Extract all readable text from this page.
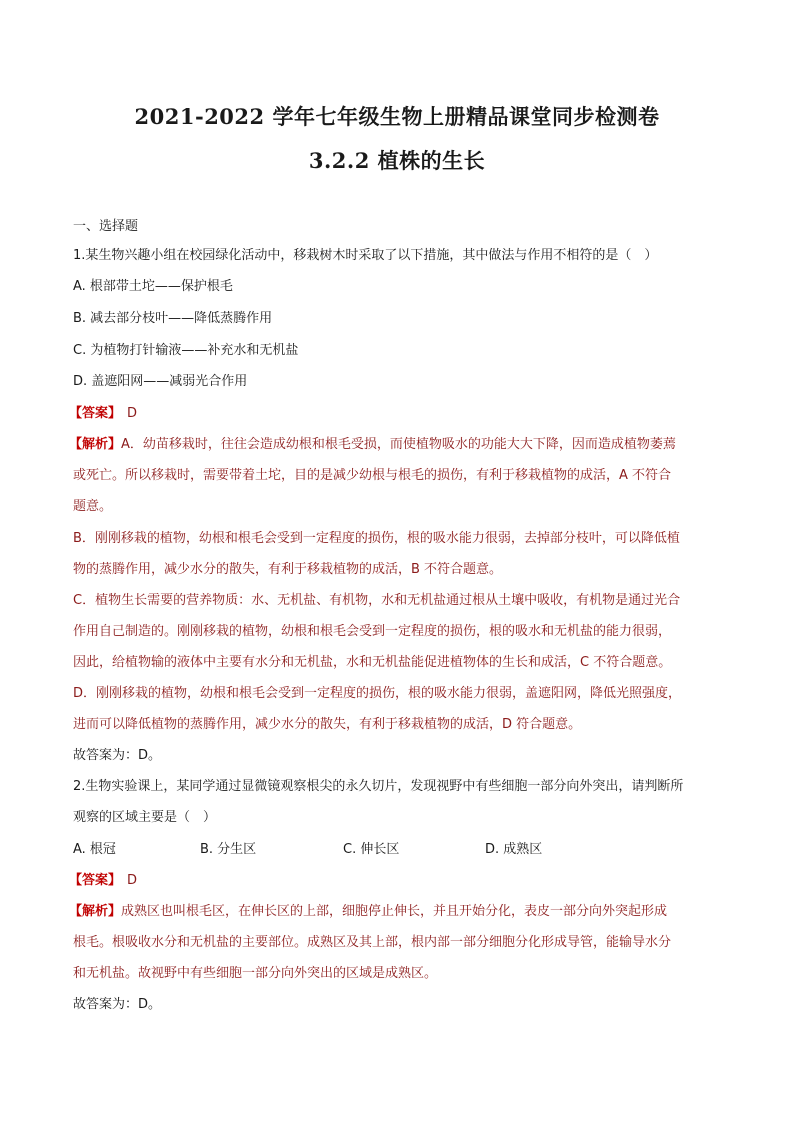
2021-2022 学年七年级生物上册精品课堂同步检测卷
3.2.2 植株的生长
一、选择题
1.某生物兴趣小组在校园绿化活动中，移栽树木时采取了以下措施，其中做法与作用不相符的是（　）
A. 根部带土坨——保护根毛
B. 减去部分枝叶——降低蒸腾作用
C. 为植物打针输液——补充水和无机盐
D. 盖遮阳网——减弱光合作用
【答案】 D
【解析】A．幼苗移栽时，往往会造成幼根和根毛受损，而使植物吸水的功能大大下降，因而造成植物萎蔫
或死亡。所以移栽时，需要带着土坨，目的是减少幼根与根毛的损伤，有利于移栽植物的成活，A 不符合
题意。
B．刚刚移栽的植物，幼根和根毛会受到一定程度的损伤，根的吸水能力很弱，去掉部分枝叶，可以降低植
物的蒸腾作用，减少水分的散失，有利于移栽植物的成活，B 不符合题意。
C．植物生长需要的营养物质：水、无机盐、有机物，水和无机盐通过根从土壤中吸收，有机物是通过光合
作用自己制造的。刚刚移栽的植物，幼根和根毛会受到一定程度的损伤，根的吸水和无机盐的能力很弱，
因此，给植物输的液体中主要有水分和无机盐，水和无机盐能促进植物体的生长和成活，C 不符合题意。
D．刚刚移栽的植物，幼根和根毛会受到一定程度的损伤，根的吸水能力很弱，盖遮阳网，降低光照强度，
进而可以降低植物的蒸腾作用，减少水分的散失，有利于移栽植物的成活，D 符合题意。
故答案为：D。
2.生物实验课上，某同学通过显微镜观察根尖的永久切片，发现视野中有些细胞一部分向外突出，请判断所
观察的区域主要是（　）
A. 根冠	B. 分生区	C. 伸长区	D. 成熟区
【答案】 D
【解析】成熟区也叫根毛区，在伸长区的上部，细胞停止伸长，并且开始分化，表皮一部分向外突起形成
根毛。根吸收水分和无机盐的主要部位。成熟区及其上部，根内部一部分细胞分化形成导管，能输导水分
和无机盐。故视野中有些细胞一部分向外突出的区域是成熟区。
故答案为：D。
